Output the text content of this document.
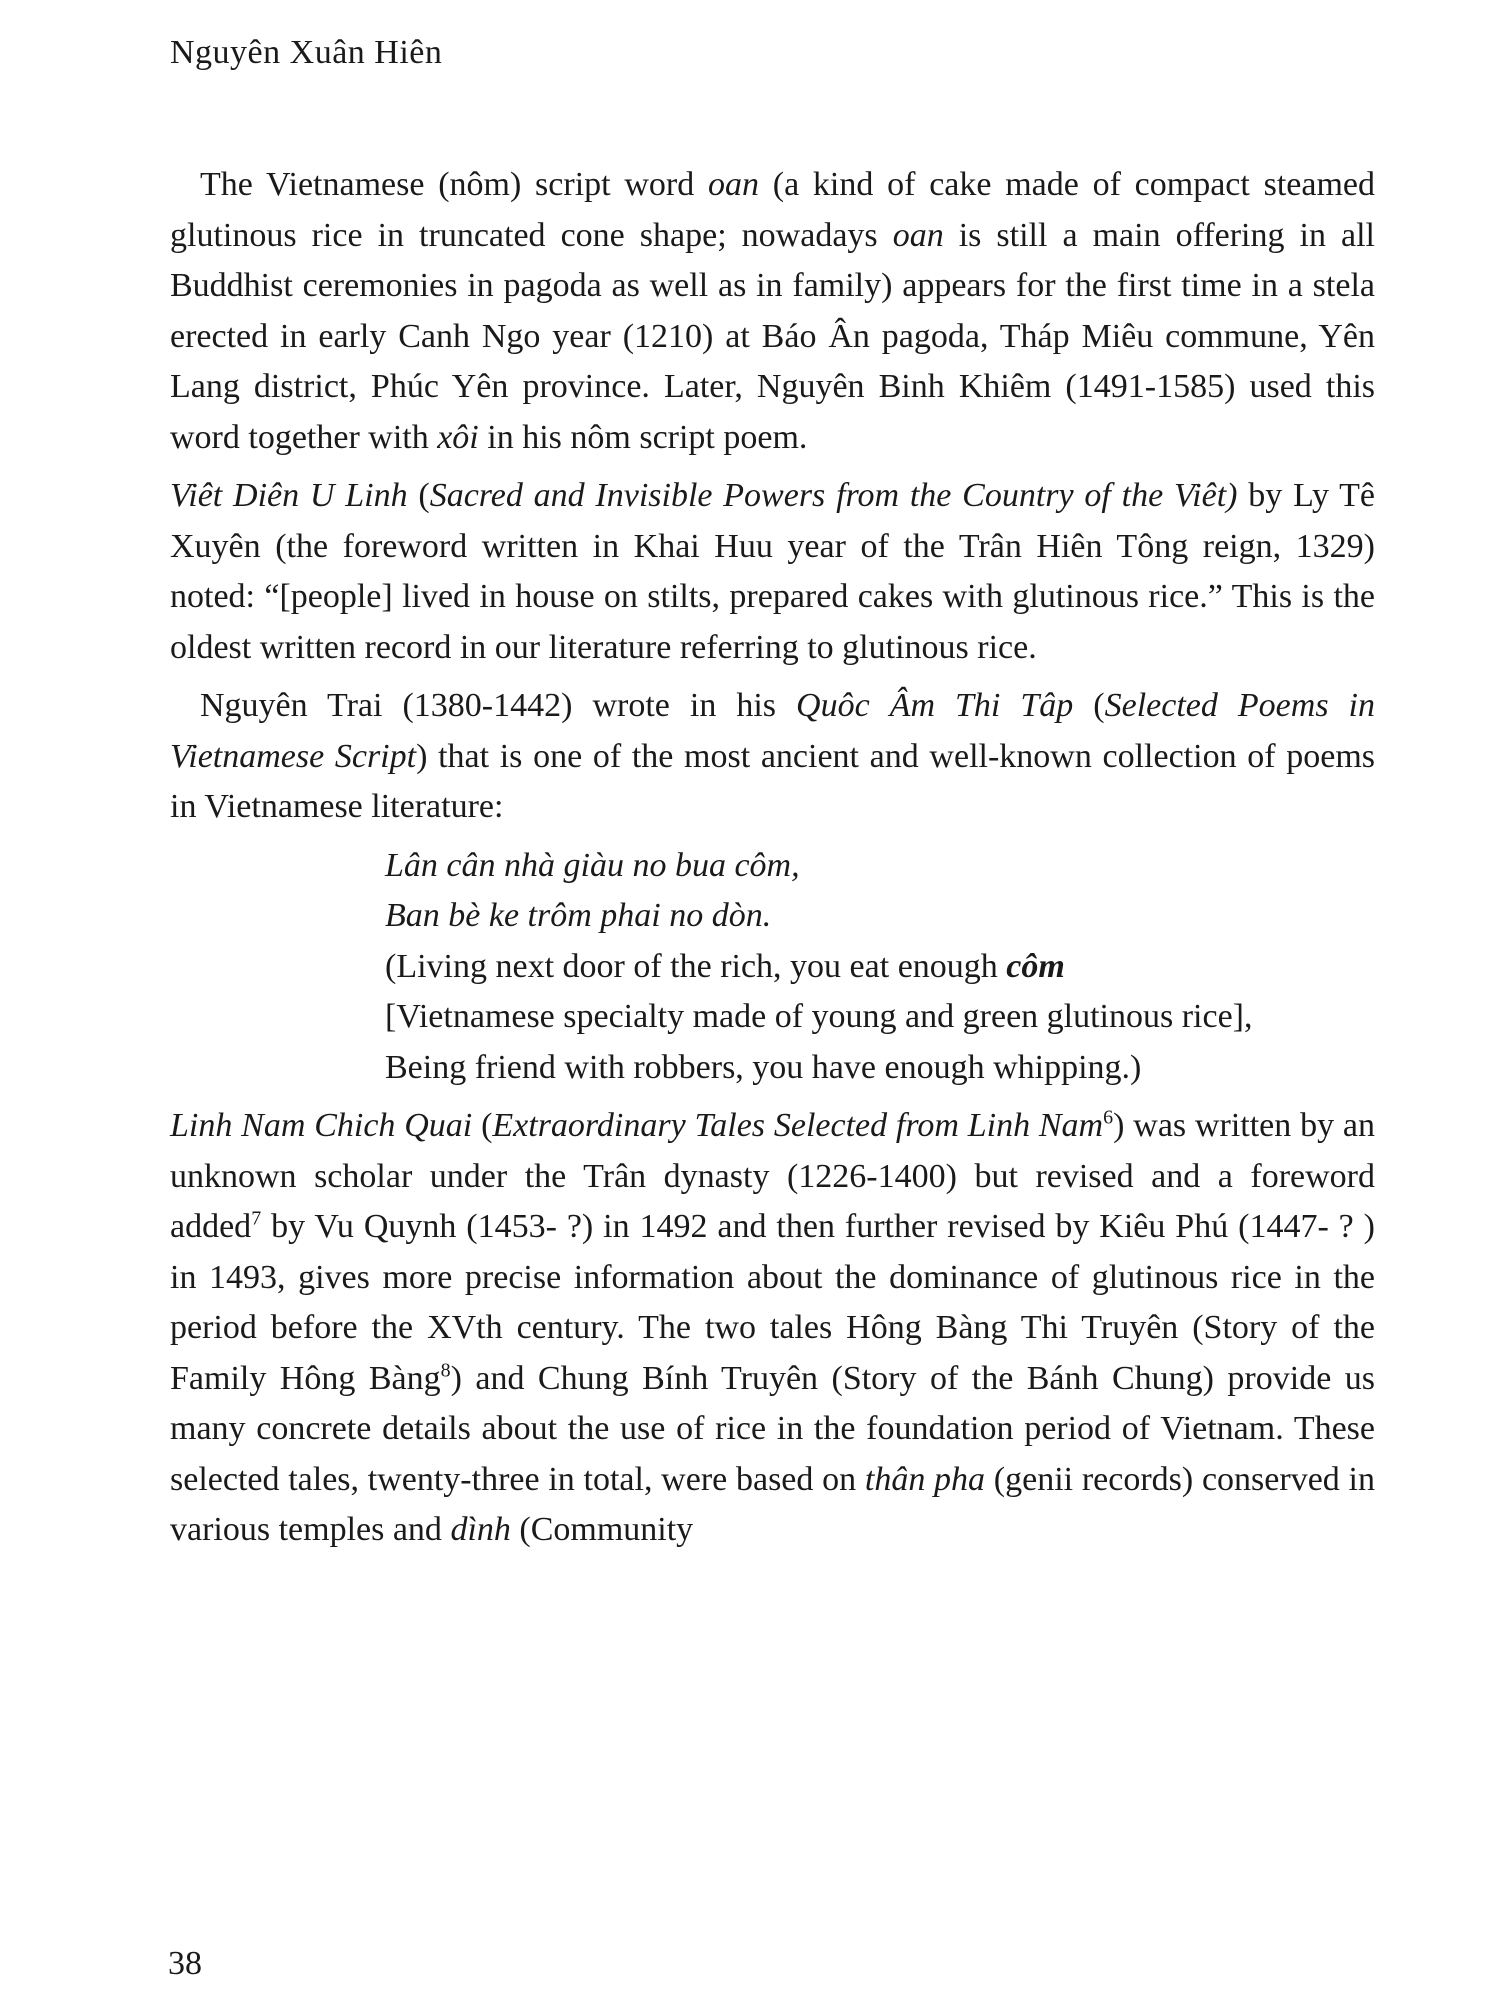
Nguyên Xuân Hiên

The Vietnamese (nôm) script word oan (a kind of cake made of compact steamed glutinous rice in truncated cone shape; nowadays oan is still a main offering in all Buddhist ceremonies in pagoda as well as in family) appears for the first time in a stela erected in early Canh Ngo year (1210) at Báo Ân pagoda, Tháp Miêu commune, Yên Lang district, Phúc Yên province. Later, Nguyên Binh Khiêm (1491-1585) used this word together with xôi in his nôm script poem.

Viêt Diên U Linh (Sacred and Invisible Powers from the Country of the Viêt) by Ly Tê Xuyên (the foreword written in Khai Huu year of the Trân Hiên Tông reign, 1329) noted: “[people] lived in house on stilts, prepared cakes with glutinous rice.” This is the oldest written record in our literature referring to glutinous rice.

Nguyên Trai (1380-1442) wrote in his Quôc Âm Thi Tâp (Selected Poems in Vietnamese Script) that is one of the most ancient and well-known collection of poems in Vietnamese literature:

Lân cân nhà giàu no bua côm,
Ban bè ke trôm phai no dòn.
(Living next door of the rich, you eat enough côm
[Vietnamese specialty made of young and green glutinous rice],
Being friend with robbers, you have enough whipping.)

Linh Nam Chich Quai (Extraordinary Tales Selected from Linh Nam$^6$) was written by an unknown scholar under the Trân dynasty (1226-1400) but revised and a foreword added$^7$ by Vu Quynh (1453- ?) in 1492 and then further revised by Kiêu Phú (1447- ? ) in 1493, gives more precise information about the dominance of glutinous rice in the period before the XVth century. The two tales Hông Bàng Thi Truyên (Story of the Family Hông Bàng$^8$) and Chung Bính Truyên (Story of the Bánh Chung) provide us many concrete details about the use of rice in the foundation period of Vietnam. These selected tales, twenty-three in total, were based on thân pha (genii records) conserved in various temples and dình (Community

38
